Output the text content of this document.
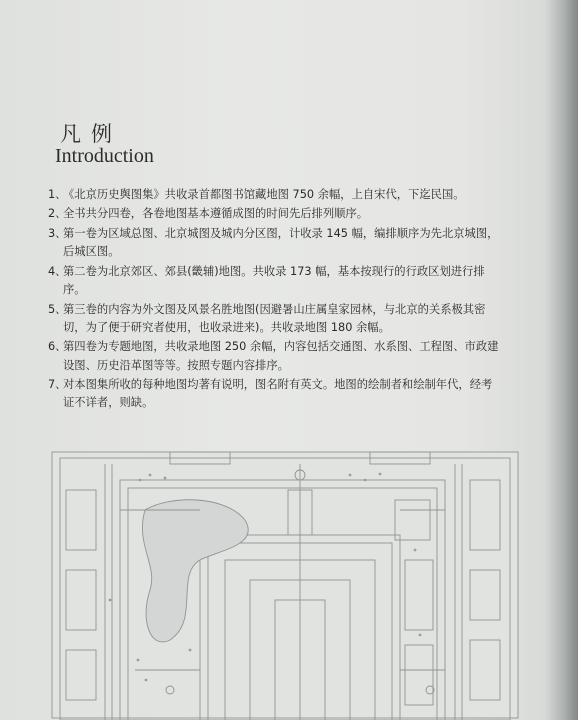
凡例
Introduction
1、
《北京历史舆图集》共收录首都图书馆藏地图 750 余幅，上自宋代，下迄民国。
2、
全书共分四卷，各卷地图基本遵循成图的时间先后排列顺序。
3、
第一卷为区域总图、北京城图及城内分区图，计收录 145 幅，编排顺序为先北京城图，后城区图。
4、
第二卷为北京郊区、郊县(畿辅)地图。共收录 173 幅，基本按现行的行政区划进行排序。
5、
第三卷的内容为外文图及风景名胜地图(因避暑山庄属皇家园林，与北京的关系极其密切，为了便于研究者使用，也收录进来)。共收录地图 180 余幅。
6、
第四卷为专题地图，共收录地图 250 余幅，内容包括交通图、水系图、工程图、市政建设图、历史沿革图等等。按照专题内容排序。
7、
对本图集所收的每种地图均著有说明，图名附有英文。地图的绘制者和绘制年代，经考证不详者，则缺。
